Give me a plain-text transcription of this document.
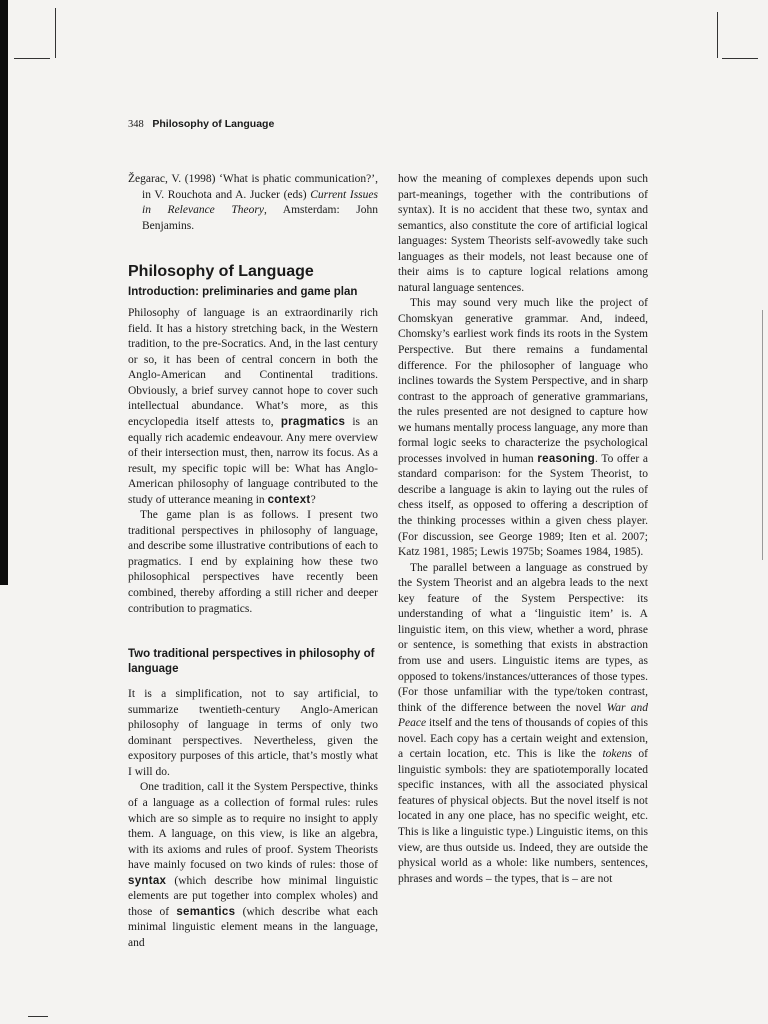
348 Philosophy of Language

Žegarac, V. (1998) ‘What is phatic communication?’, in V. Rouchota and A. Jucker (eds) Current Issues in Relevance Theory, Amsterdam: John Benjamins.

Philosophy of Language
Introduction: preliminaries and game plan

Philosophy of language is an extraordinarily rich field. It has a history stretching back, in the Western tradition, to the pre-Socratics. And, in the last century or so, it has been of central concern in both the Anglo-American and Continental traditions. Obviously, a brief survey cannot hope to cover such intellectual abundance. What’s more, as this encyclopedia itself attests to, pragmatics is an equally rich academic endeavour. Any mere overview of their intersection must, then, narrow its focus. As a result, my specific topic will be: What has Anglo-American philosophy of language contributed to the study of utterance meaning in context?

The game plan is as follows. I present two traditional perspectives in philosophy of language, and describe some illustrative contributions of each to pragmatics. I end by explaining how these two philosophical perspectives have recently been combined, thereby affording a still richer and deeper contribution to pragmatics.

Two traditional perspectives in philosophy of language

It is a simplification, not to say artificial, to summarize twentieth-century Anglo-American philosophy of language in terms of only two dominant perspectives. Nevertheless, given the expository purposes of this article, that’s mostly what I will do.

One tradition, call it the System Perspective, thinks of a language as a collection of formal rules: rules which are so simple as to require no insight to apply them. A language, on this view, is like an algebra, with its axioms and rules of proof. System Theorists have mainly focused on two kinds of rules: those of syntax (which describe how minimal linguistic elements are put together into complex wholes) and those of semantics (which describe what each minimal linguistic element means in the language, and

how the meaning of complexes depends upon such part-meanings, together with the contributions of syntax). It is no accident that these two, syntax and semantics, also constitute the core of artificial logical languages: System Theorists self-avowedly take such languages as their models, not least because one of their aims is to capture logical relations among natural language sentences.

This may sound very much like the project of Chomskyan generative grammar. And, indeed, Chomsky’s earliest work finds its roots in the System Perspective. But there remains a fundamental difference. For the philosopher of language who inclines towards the System Perspective, and in sharp contrast to the approach of generative grammarians, the rules presented are not designed to capture how we humans mentally process language, any more than formal logic seeks to characterize the psychological processes involved in human reasoning. To offer a standard comparison: for the System Theorist, to describe a language is akin to laying out the rules of chess itself, as opposed to offering a description of the thinking processes within a given chess player. (For discussion, see George 1989; Iten et al. 2007; Katz 1981, 1985; Lewis 1975b; Soames 1984, 1985).

The parallel between a language as construed by the System Theorist and an algebra leads to the next key feature of the System Perspective: its understanding of what a ‘linguistic item’ is. A linguistic item, on this view, whether a word, phrase or sentence, is something that exists in abstraction from use and users. Linguistic items are types, as opposed to tokens/instances/utterances of those types. (For those unfamiliar with the type/token contrast, think of the difference between the novel War and Peace itself and the tens of thousands of copies of this novel. Each copy has a certain weight and extension, a certain location, etc. This is like the tokens of linguistic symbols: they are spatiotemporally located specific instances, with all the associated physical features of physical objects. But the novel itself is not located in any one place, has no specific weight, etc. This is like a linguistic type.) Linguistic items, on this view, are thus outside us. Indeed, they are outside the physical world as a whole: like numbers, sentences, phrases and words – the types, that is – are not
